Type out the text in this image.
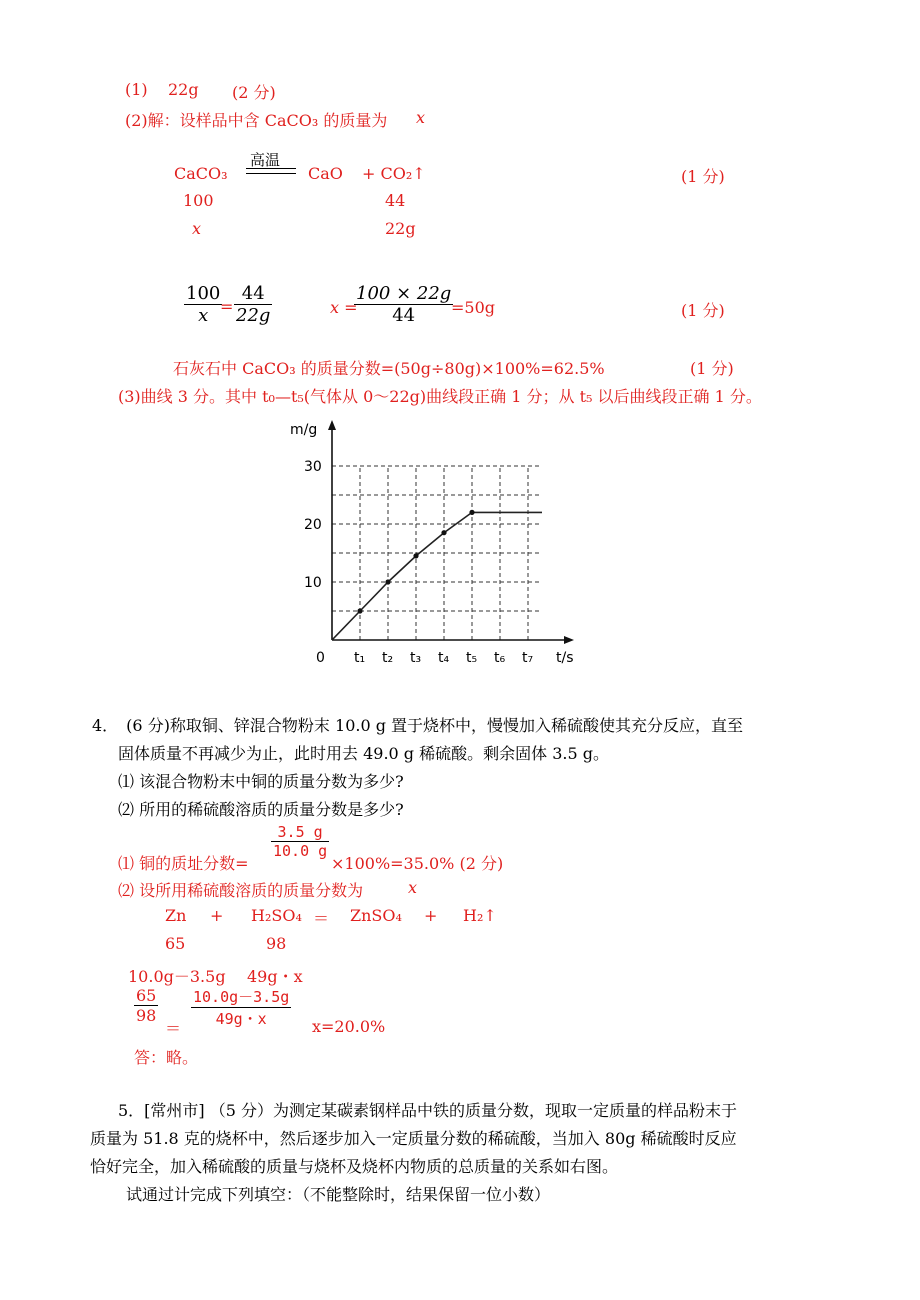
(1) 22g (2 分)
(2)解：设样品中含 CaCO₃ 的质量为 x
CaCO₃
高温
CaO + CO₂↑	(1 分)
100	44
x	22g
100
x =
44
22g	x =
100 × 22g
44 =50g	(1 分)
石灰石中 CaCO₃ 的质量分数=(50g÷80g)×100%=62.5%	(1 分)
(3)曲线 3 分。其中 t₀—t₅(气体从 0～22g)曲线段正确 1 分；从 t₅ 以后曲线段正确 1 分。
t₁ t₂ t₃ t₄ t₅ t₆ t₇
10
20
30
m/g
t/s
0
4．　(6 分)称取铜、锌混合物粉末 10.0 g 置于烧杯中，慢慢加入稀硫酸使其充分反应，直至
固体质量不再减少为止，此时用去 49.0 g 稀硫酸。剩余固体 3.5 g。
⑴ 该混合物粉末中铜的质量分数为多少?
⑵ 所用的稀硫酸溶质的质量分数是多少?
⑴ 铜的质址分数=
3.5 g
10.0 g
×100%=35.0% (2 分)
⑵ 设所用稀硫酸溶质的质量分数为	x
Zn + H₂SO₄ ＝ ZnSO₄ + H₂↑
65	98
10.0g－3.5g 49g・x
65
98
＝
10.0g－3.5g
49g・x	x=20.0%
答：略。
5．[常州市] （5 分）为测定某碳素钢样品中铁的质量分数，现取一定质量的样品粉末于
质量为 51.8 克的烧杯中，然后逐步加入一定质量分数的稀硫酸，当加入 80g 稀硫酸时反应
恰好完全，加入稀硫酸的质量与烧杯及烧杯内物质的总质量的关系如右图。
试通过计完成下列填空：（不能整除时，结果保留一位小数）
